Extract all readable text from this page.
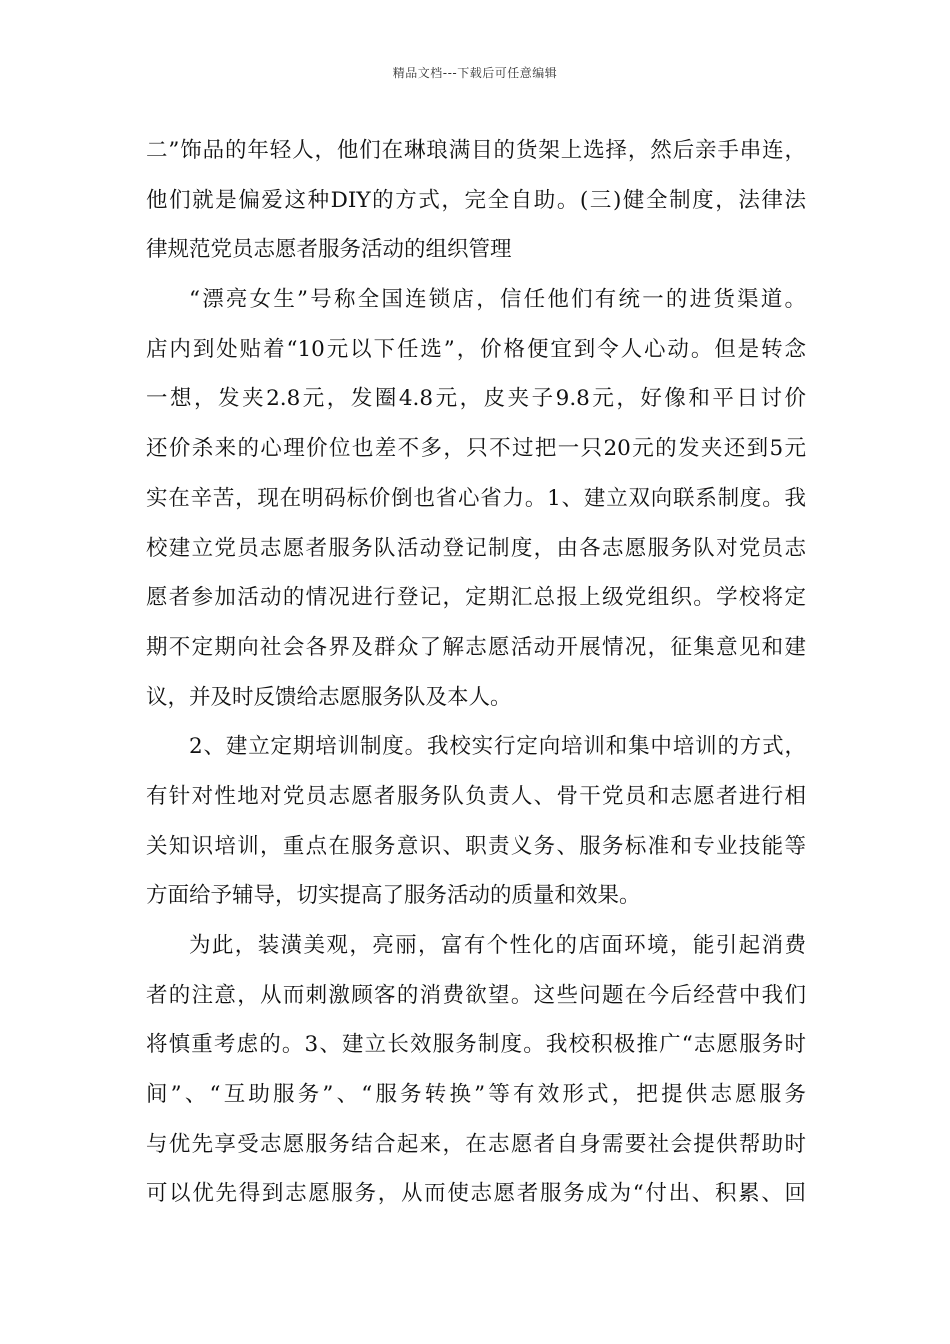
精品文档---下载后可任意编辑
二”饰品的年轻人，他们在琳琅满目的货架上选择，然后亲手串连，
他们就是偏爱这种DIY的方式，完全自助。(三)健全制度，法律法
律规范党员志愿者服务活动的组织管理
“漂亮女生”号称全国连锁店，信任他们有统一的进货渠道。
店内到处贴着“10元以下任选”，价格便宜到令人心动。但是转念
一想，发夹2.8元，发圈4.8元，皮夹子9.8元，好像和平日讨价
还价杀来的心理价位也差不多，只不过把一只20元的发夹还到5元
实在辛苦，现在明码标价倒也省心省力。1、建立双向联系制度。我
校建立党员志愿者服务队活动登记制度，由各志愿服务队对党员志
愿者参加活动的情况进行登记，定期汇总报上级党组织。学校将定
期不定期向社会各界及群众了解志愿活动开展情况，征集意见和建
议，并及时反馈给志愿服务队及本人。
2、建立定期培训制度。我校实行定向培训和集中培训的方式，
有针对性地对党员志愿者服务队负责人、骨干党员和志愿者进行相
关知识培训，重点在服务意识、职责义务、服务标准和专业技能等
方面给予辅导，切实提高了服务活动的质量和效果。
为此，装潢美观，亮丽，富有个性化的店面环境，能引起消费
者的注意，从而刺激顾客的消费欲望。这些问题在今后经营中我们
将慎重考虑的。3、建立长效服务制度。我校积极推广“志愿服务时
间”、“互助服务”、“服务转换”等有效形式，把提供志愿服务
与优先享受志愿服务结合起来，在志愿者自身需要社会提供帮助时
可以优先得到志愿服务，从而使志愿者服务成为“付出、积累、回
